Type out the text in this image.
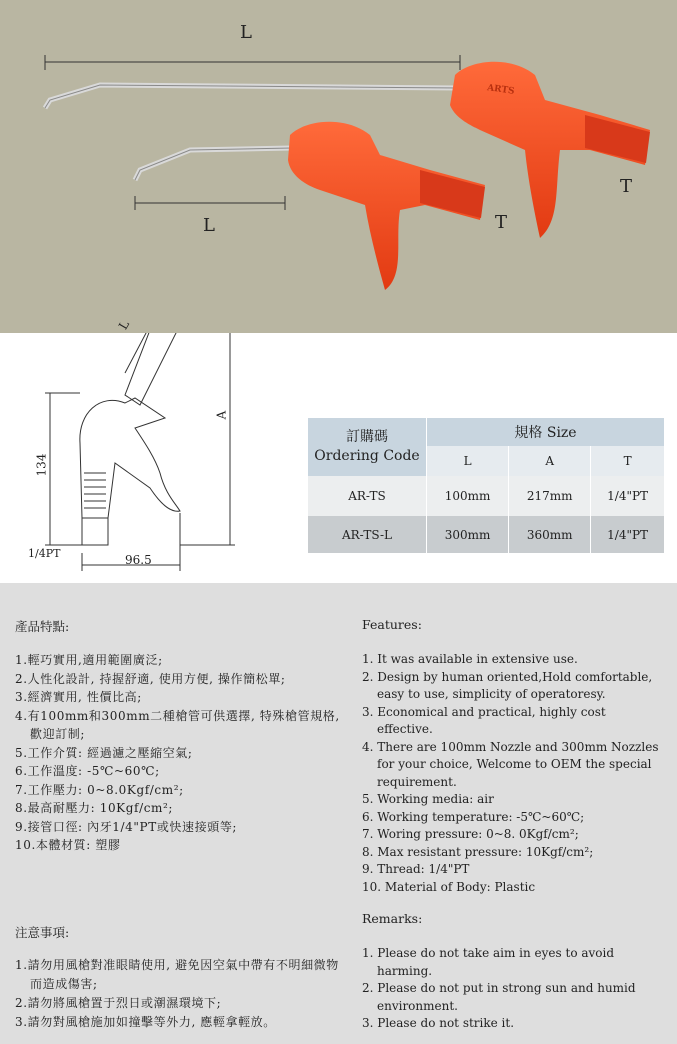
L
L
T
T
ARTS
134
96.5
A
L
1/4PT
訂購碼
Ordering Code	規格 Size		
	L	A	T
AR-TS	100mm	217mm	1/4"PT
AR-TS-L	300mm	360mm	1/4"PT
產品特點:	Features:
1.輕巧實用,適用範圍廣泛;
2.人性化設計, 持握舒適, 使用方便, 操作簡松單;
3.經濟實用, 性價比高;
4.有100mm和300mm二種槍管可供選擇, 特殊槍管規格, 歡迎訂制;
5.工作介質: 經過濾之壓縮空氣;
6.工作溫度: -5℃~60℃;
7.工作壓力: 0~8.0Kgf/cm²;
8.最高耐壓力: 10Kgf/cm²;
9.接管口徑: 內牙1/4"PT或快速接頭等;
10.本體材質: 塑膠
1. It was available in extensive use.
2. Design by human oriented,Hold comfortable, easy to use, simplicity of operatoresy.
3. Economical and practical, highly cost effective.
4. There are 100mm Nozzle and 300mm Nozzles for your choice, Welcome to OEM the special requirement.
5. Working media: air
6. Working temperature: -5℃~60℃;
7. Woring pressure: 0~8. 0Kgf/cm²;
8. Max resistant pressure: 10Kgf/cm²;
9. Thread: 1/4"PT
10. Material of Body: Plastic
注意事項:
Remarks:
1.請勿用風槍對准眼睛使用, 避免因空氣中帶有不明細微物而造成傷害;
2.請勿將風槍置于烈日或潮濕環境下;
3.請勿對風槍施加如撞擊等外力, 應輕拿輕放。
1. Please do not take aim in eyes to avoid harming.
2. Please do not put in strong sun and humid environment.
3. Please do not strike it.
